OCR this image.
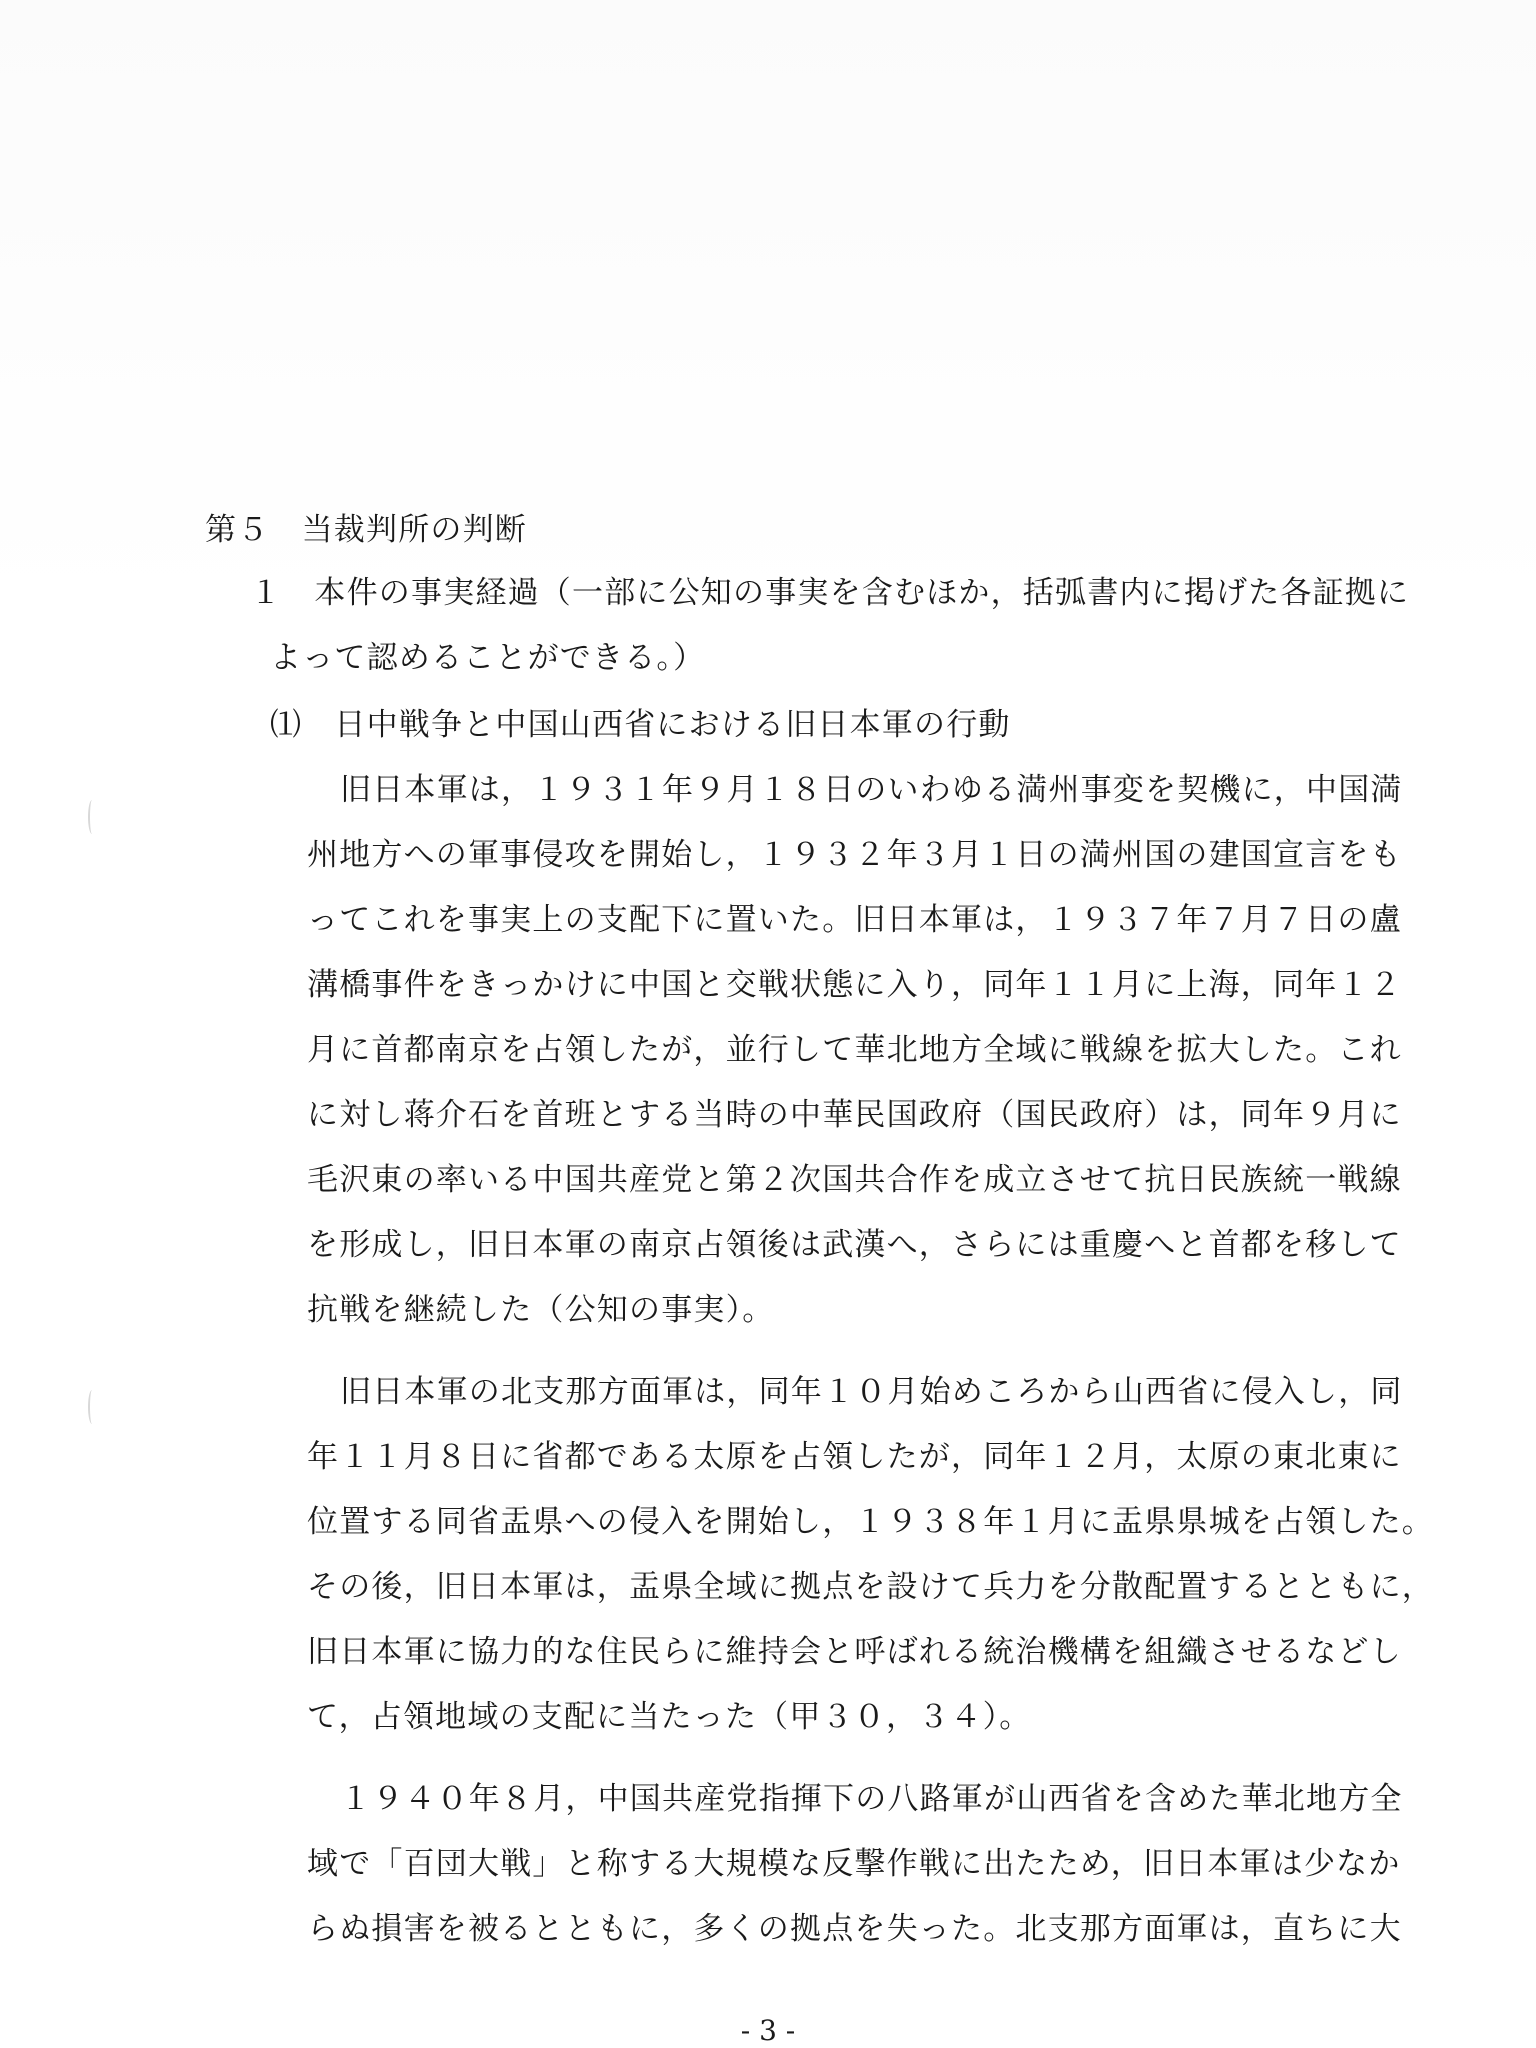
第５　当裁判所の判断
１　 本件の事実経過（一部に公知の事実を含むほか，括弧書内に掲げた各証拠に
よって認めることができる。）
⑴　 日中戦争と中国山西省における旧日本軍の行動
旧日本軍は，１９３１年９月１８日のいわゆる満州事変を契機に，中国満
州地方への軍事侵攻を開始し，１９３２年３月１日の満州国の建国宣言をも
ってこれを事実上の支配下に置いた。旧日本軍は，１９３７年７月７日の盧
溝橋事件をきっかけに中国と交戦状態に入り，同年１１月に上海，同年１２
月に首都南京を占領したが，並行して華北地方全域に戦線を拡大した。これ
に対し蒋介石を首班とする当時の中華民国政府（国民政府）は，同年９月に
毛沢東の率いる中国共産党と第２次国共合作を成立させて抗日民族統一戦線
を形成し，旧日本軍の南京占領後は武漢へ，さらには重慶へと首都を移して
抗戦を継続した（公知の事実）。
旧日本軍の北支那方面軍は，同年１０月始めころから山西省に侵入し，同
年１１月８日に省都である太原を占領したが，同年１２月，太原の東北東に
位置する同省盂県への侵入を開始し，１９３８年１月に盂県県城を占領した。
その後，旧日本軍は，盂県全域に拠点を設けて兵力を分散配置するとともに，
旧日本軍に協力的な住民らに維持会と呼ばれる統治機構を組織させるなどし
て，占領地域の支配に当たった（甲３０，３４）。
１９４０年８月，中国共産党指揮下の八路軍が山西省を含めた華北地方全
域で「百団大戦」と称する大規模な反撃作戦に出たため，旧日本軍は少なか
らぬ損害を被るとともに，多くの拠点を失った。北支那方面軍は，直ちに大
- 3 -
